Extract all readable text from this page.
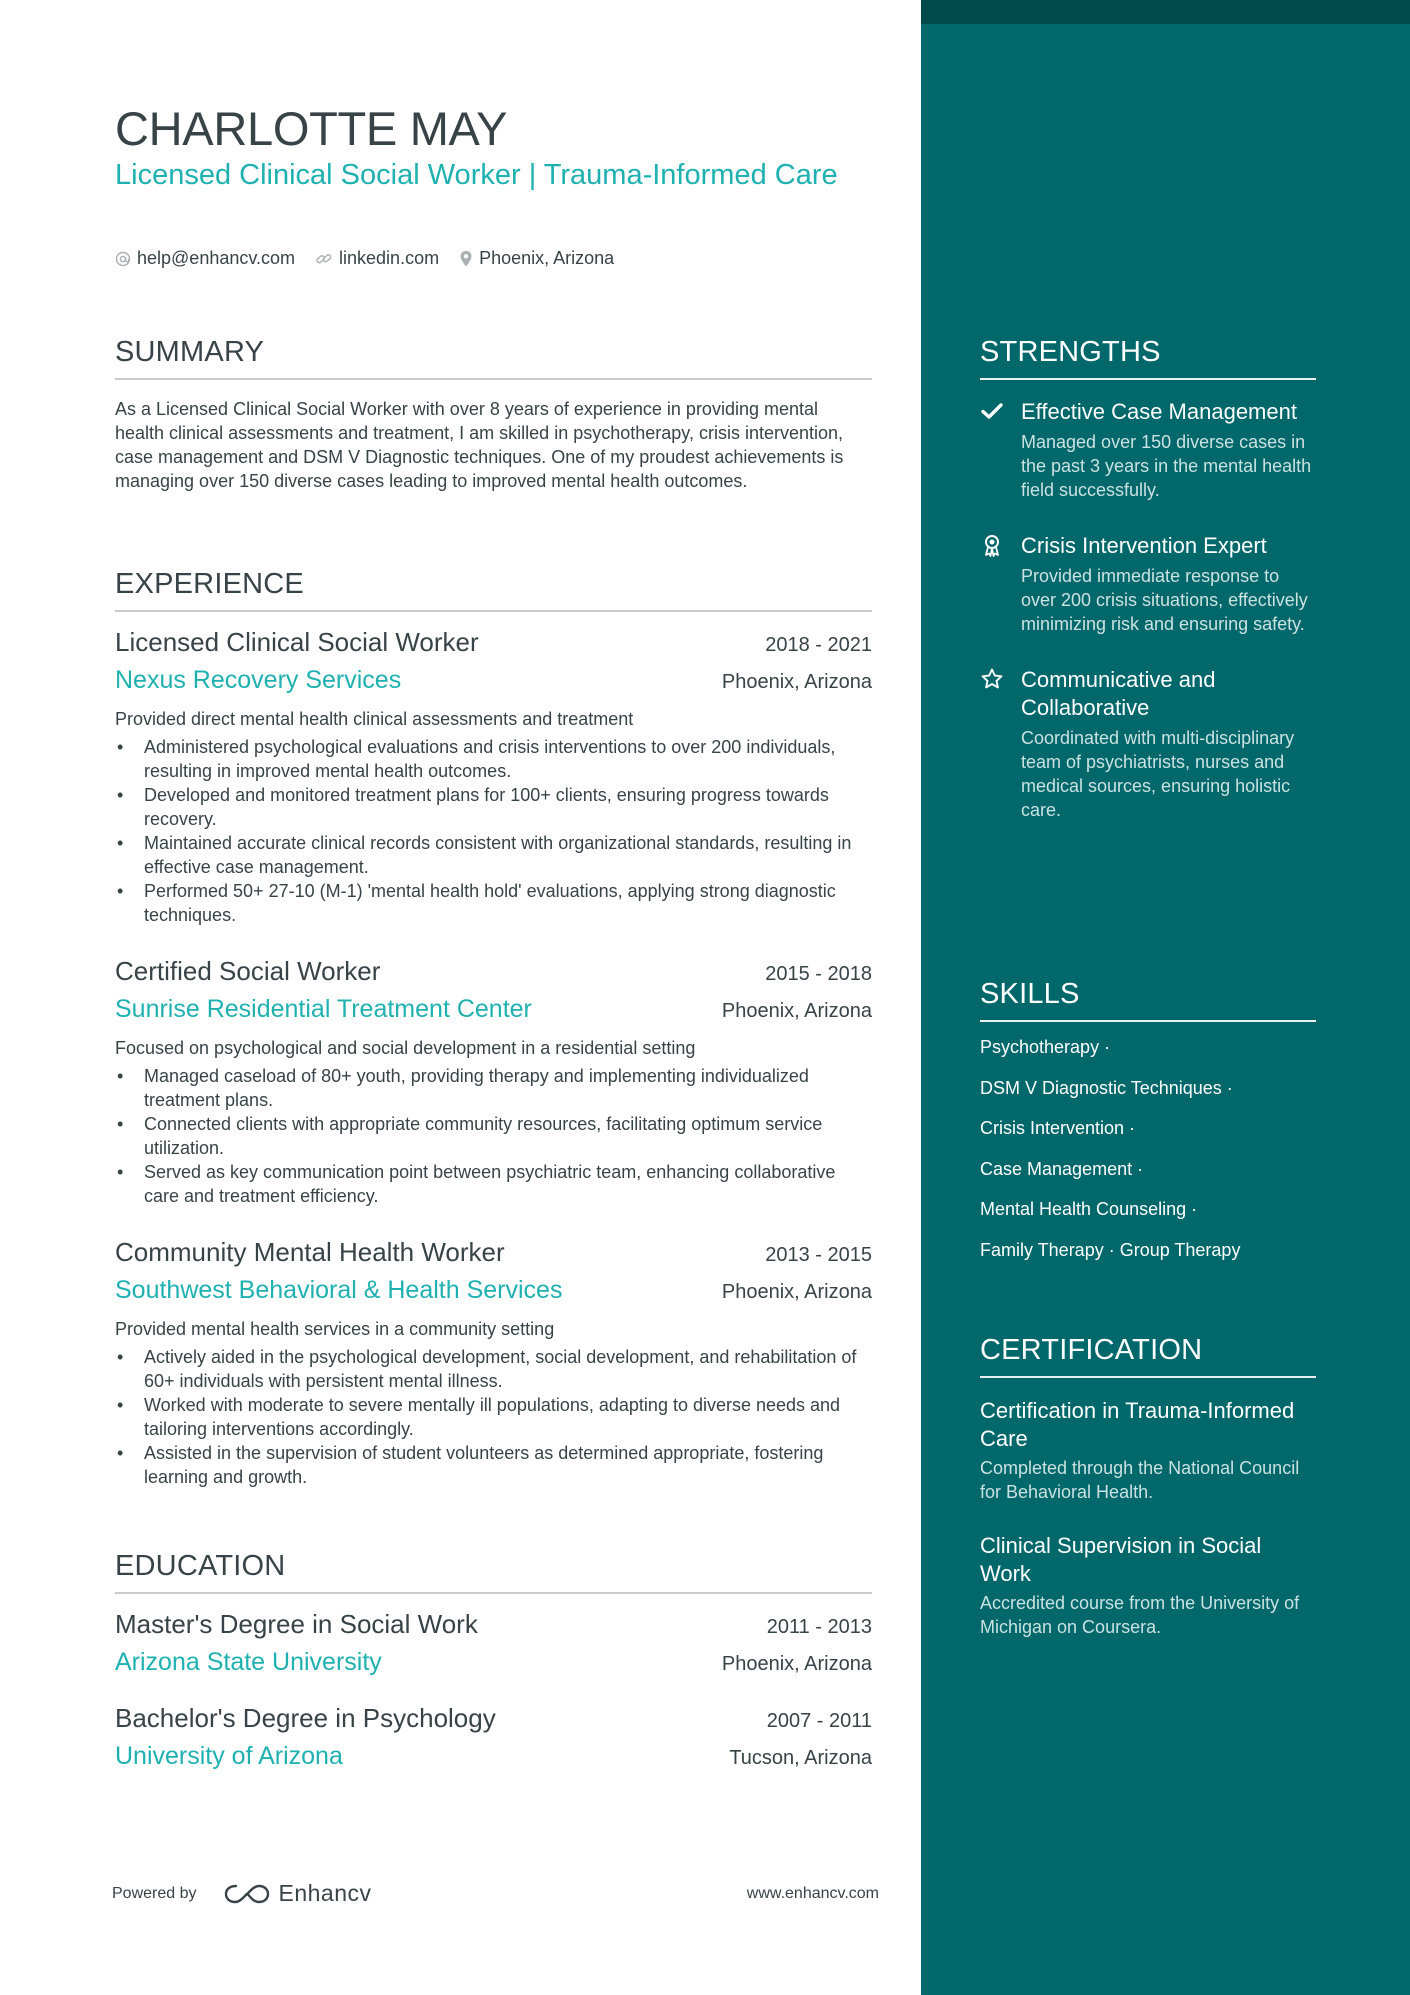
CHARLOTTE MAY
Licensed Clinical Social Worker | Trauma-Informed Care
help@enhancv.com linkedin.com Phoenix, Arizona
SUMMARY
As a Licensed Clinical Social Worker with over 8 years of experience in providing mental health clinical assessments and treatment, I am skilled in psychotherapy, crisis intervention, case management and DSM V Diagnostic techniques. One of my proudest achievements is managing over 150 diverse cases leading to improved mental health outcomes.
EXPERIENCE
Licensed Clinical Social Worker	2018 - 2021
Nexus Recovery Services	Phoenix, Arizona
Provided direct mental health clinical assessments and treatment
• Administered psychological evaluations and crisis interventions to over 200 individuals, resulting in improved mental health outcomes.
• Developed and monitored treatment plans for 100+ clients, ensuring progress towards recovery.
• Maintained accurate clinical records consistent with organizational standards, resulting in effective case management.
• Performed 50+ 27-10 (M-1) 'mental health hold' evaluations, applying strong diagnostic techniques.
Certified Social Worker	2015 - 2018
Sunrise Residential Treatment Center	Phoenix, Arizona
Focused on psychological and social development in a residential setting
• Managed caseload of 80+ youth, providing therapy and implementing individualized treatment plans.
• Connected clients with appropriate community resources, facilitating optimum service utilization.
• Served as key communication point between psychiatric team, enhancing collaborative care and treatment efficiency.
Community Mental Health Worker	2013 - 2015
Southwest Behavioral & Health Services	Phoenix, Arizona
Provided mental health services in a community setting
• Actively aided in the psychological development, social development, and rehabilitation of 60+ individuals with persistent mental illness.
• Worked with moderate to severe mentally ill populations, adapting to diverse needs and tailoring interventions accordingly.
• Assisted in the supervision of student volunteers as determined appropriate, fostering learning and growth.
EDUCATION
Master's Degree in Social Work	2011 - 2013
Arizona State University	Phoenix, Arizona
Bachelor's Degree in Psychology	2007 - 2011
University of Arizona	Tucson, Arizona
STRENGTHS
Effective Case Management
Managed over 150 diverse cases in the past 3 years in the mental health field successfully.
Crisis Intervention Expert
Provided immediate response to over 200 crisis situations, effectively minimizing risk and ensuring safety.
Communicative and Collaborative
Coordinated with multi-disciplinary team of psychiatrists, nurses and medical sources, ensuring holistic care.
SKILLS
Psychotherapy ·
DSM V Diagnostic Techniques ·
Crisis Intervention ·
Case Management ·
Mental Health Counseling ·
Family Therapy · Group Therapy
CERTIFICATION
Certification in Trauma-Informed Care
Completed through the National Council for Behavioral Health.
Clinical Supervision in Social Work
Accredited course from the University of Michigan on Coursera.
Powered by	Enhancv	www.enhancv.com
